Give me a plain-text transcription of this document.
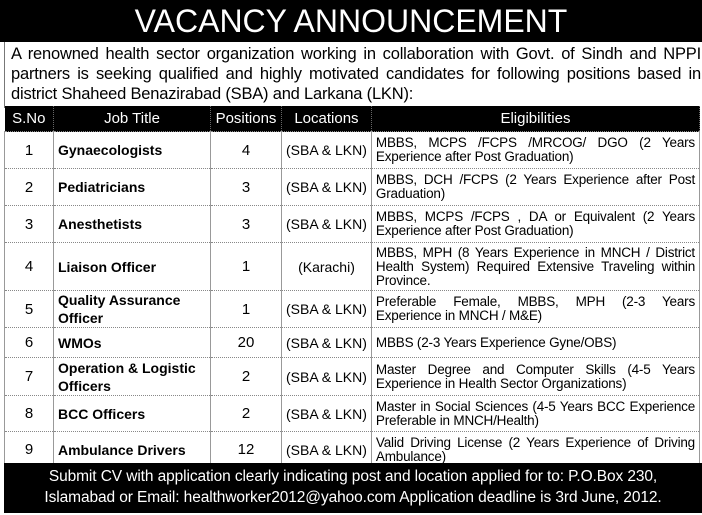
VACANCY ANNOUNCEMENT
A renowned health sector organization working in collaboration with Govt. of Sindh and NPPI partners is seeking qualified and highly motivated candidates for following positions based in district Shaheed Benazirabad (SBA) and Larkana (LKN):
S.No	Job Title	Positions	Locations	Eligibilities
1	Gynaecologists	4	(SBA & LKN)	MBBS, MCPS /FCPS /MRCOG/ DGO (2 Years Experience after Post Graduation)
2	Pediatricians	3	(SBA & LKN)	MBBS, DCH /FCPS (2 Years Experience after Post Graduation)
3	Anesthetists	3	(SBA & LKN)	MBBS, MCPS /FCPS , DA or Equivalent (2 Years Experience after Post Graduation)
4	Liaison Officer	1	(Karachi)	MBBS, MPH (8 Years Experience in MNCH / District Health System) Required Extensive Traveling within Province.
5	Quality Assurance Officer	1	(SBA & LKN)	Preferable Female, MBBS, MPH (2-3 Years Experience in MNCH / M&E)
6	WMOs	20	(SBA & LKN)	MBBS (2-3 Years Experience Gyne/OBS)
7	Operation & Logistic Officers	2	(SBA & LKN)	Master Degree and Computer Skills (4-5 Years Experience in Health Sector Organizations)
8	BCC Officers	2	(SBA & LKN)	Master in Social Sciences (4-5 Years BCC Experience Preferable in MNCH/Health)
9	Ambulance Drivers	12	(SBA & LKN)	Valid Driving License (2 Years Experience of Driving Ambulance)
Submit CV with application clearly indicating post and location applied for to: P.O.Box 230,
Islamabad or Email: healthworker2012@yahoo.com Application deadline is 3rd June, 2012.
